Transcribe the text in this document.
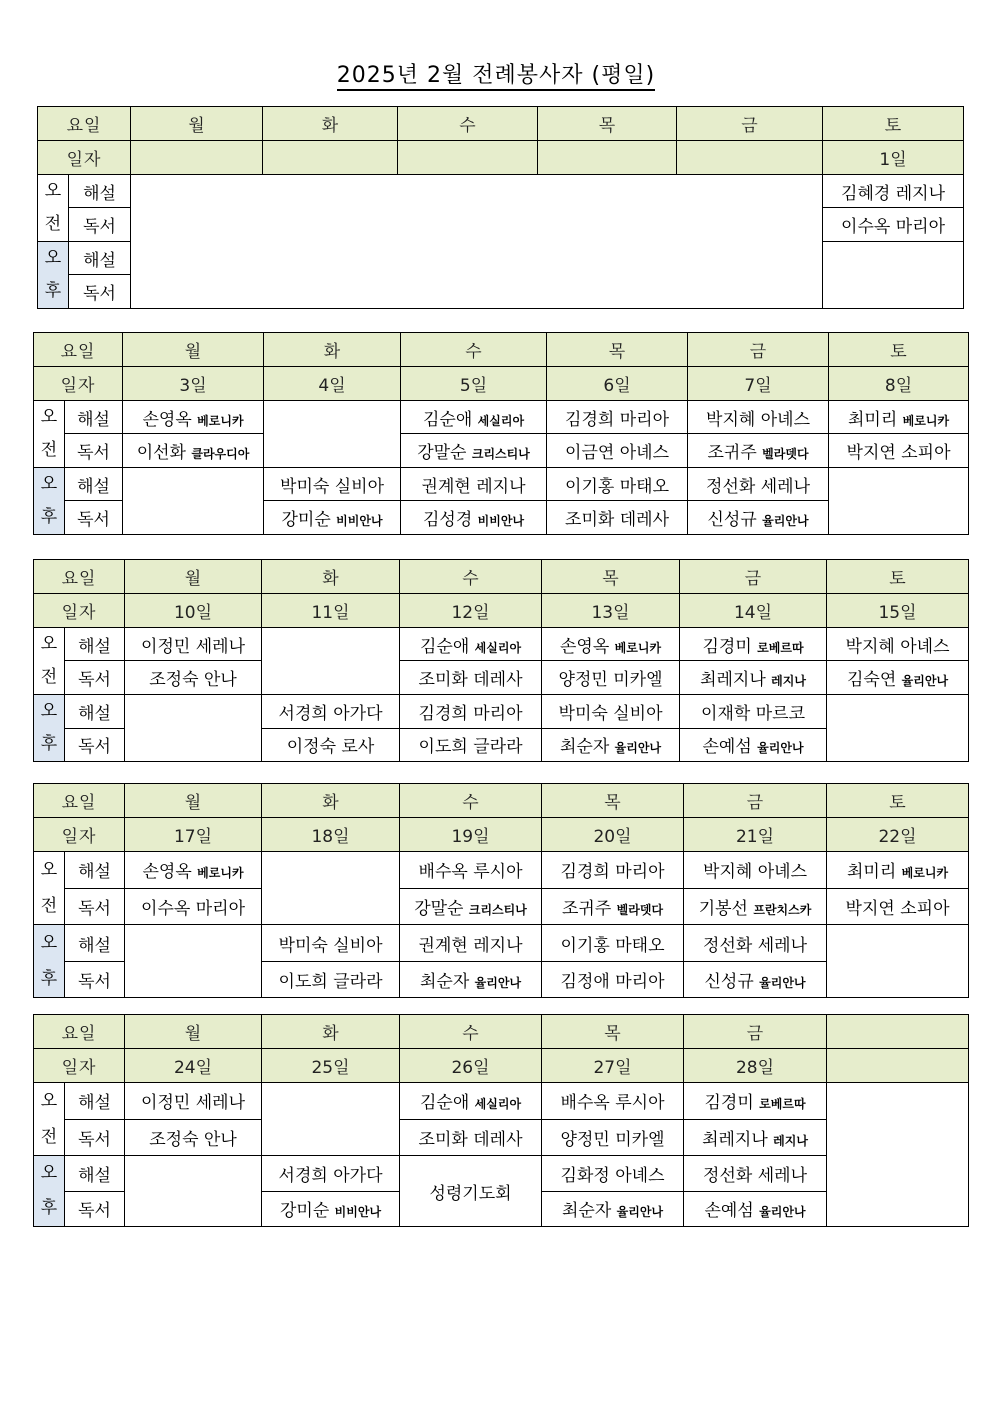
2025년 2월 전례봉사자 (평일)
요일		월	화	수	목	금	토
일자							1일

오
전	해설						김혜경 레지나
	독서						이수옥 마리아

오
후	해설						
	독서						
요일		월	화	수	목	금	토
일자		3일	4일	5일	6일	7일	8일

오
전	해설	손영옥 베로니카		김순애 세실리아	김경희 마리아	박지혜 아녜스	최미리 베로니카
	독서	이선화 클라우디아		강말순 크리스티나	이금연 아녜스	조귀주 벨라뎃다	박지연 소피아

오
후	해설		박미숙 실비아	권계현 레지나	이기홍 마태오	정선화 세레나	
	독서		강미순 비비안나	김성경 비비안나	조미화 데레사	신성규 율리안나	
요일		월	화	수	목	금	토
일자		10일	11일	12일	13일	14일	15일

오
전	해설	이정민 세레나		김순애 세실리아	손영옥 베로니카	김경미 로베르따	박지혜 아녜스
	독서	조정숙 안나		조미화 데레사	양정민 미카엘	최레지나 레지나	김숙연 율리안나

오
후	해설		서경희 아가다	김경희 마리아	박미숙 실비아	이재학 마르코	
	독서		이정숙 로사	이도희 글라라	최순자 율리안나	손예섬 율리안나	
요일		월	화	수	목	금	토
일자		17일	18일	19일	20일	21일	22일

오
전	해설	손영옥 베로니카		배수옥 루시아	김경희 마리아	박지혜 아녜스	최미리 베로니카
	독서	이수옥 마리아		강말순 크리스티나	조귀주 벨라뎃다	기봉선 프란치스카	박지연 소피아

오
후	해설		박미숙 실비아	권계현 레지나	이기홍 마태오	정선화 세레나	
	독서		이도희 글라라	최순자 율리안나	김정애 마리아	신성규 율리안나	
요일		월	화	수	목	금	
일자		24일	25일	26일	27일	28일	

오
전	해설	이정민 세레나		김순애 세실리아	배수옥 루시아	김경미 로베르따	
	독서	조정숙 안나		조미화 데레사	양정민 미카엘	최레지나 레지나	

오
후	해설		서경희 아가다	성령기도회	김화정 아녜스	정선화 세레나	
	독서		강미순 비비안나		최순자 율리안나	손예섬 율리안나	
